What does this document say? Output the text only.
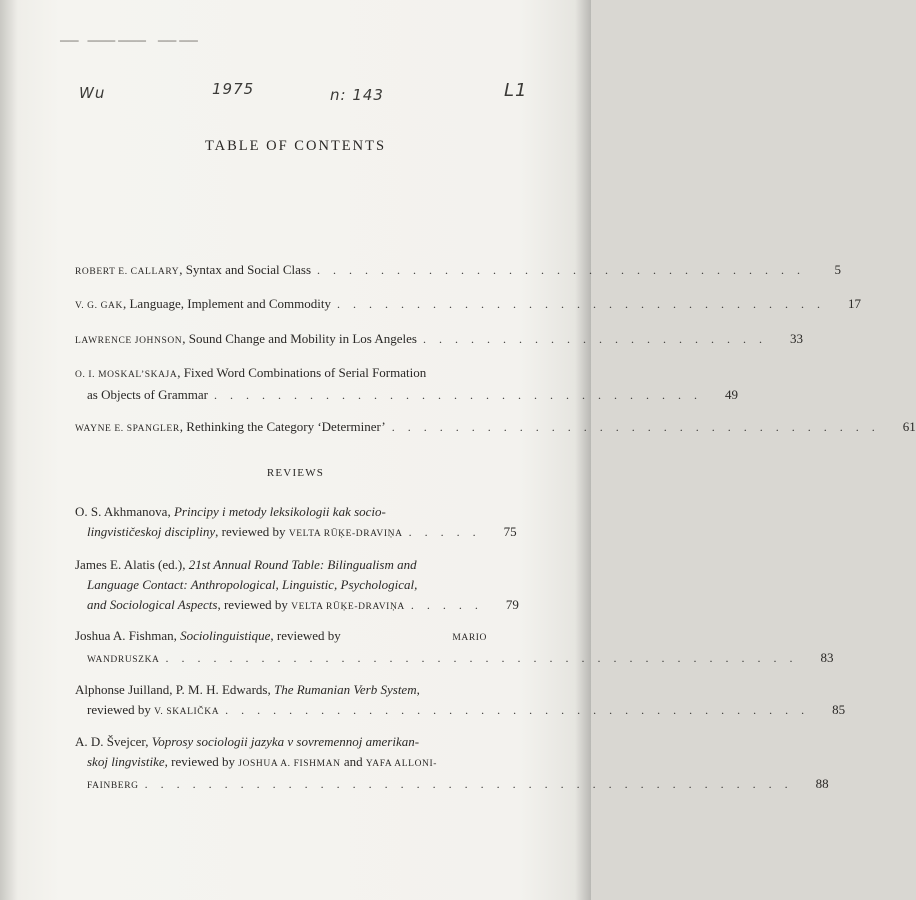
▁▁   ▁▁▁ ▁▁▁    ▁▁ ▁▁
Wu	1975	n: 143	L1
TABLE OF CONTENTS
ROBERT E. CALLARY, Syntax and Social Class . . . . . . . . . . . . . . . . . . . . . . . . . . . . . . .	5
V. G. GAK, Language, Implement and Commodity . . . . . . . . . . . . . . . . . . . . . . . . . . . . . . .	17
LAWRENCE JOHNSON, Sound Change and Mobility in Los Angeles . . . . . . . . . . . . . . . . . . . . . .	33
O. I. MOSKAL’SKAJA, Fixed Word Combinations of Serial Formation
as Objects of Grammar . . . . . . . . . . . . . . . . . . . . . . . . . . . . . . .	49
WAYNE E. SPANGLER, Rethinking the Category ‘Determiner’ . . . . . . . . . . . . . . . . . . . . . . . . . . . . . . .	61
REVIEWS
O. S. Akhmanova, Principy i metody leksikologii kak socio-
lingvističeskoj discipliny, reviewed by VELTA RŪĶE-DRAVIŅA . . . . .	75
James E. Alatis (ed.), 21st Annual Round Table: Bilingualism and
Language Contact: Anthropological, Linguistic, Psychological,
and Sociological Aspects, reviewed by VELTA RŪĶE-DRAVIŅA . . . . .	79
Joshua A. Fishman, Sociolinguistique, reviewed by	MARIO
WANDRUSZKA . . . . . . . . . . . . . . . . . . . . . . . . . . . . . . . . . . . . . . . .	83
Alphonse Juilland, P. M. H. Edwards, The Rumanian Verb System,
reviewed by V. SKALIČKA . . . . . . . . . . . . . . . . . . . . . . . . . . . . . . . . . . . . .	85
A. D. Švejcer, Voprosy sociologii jazyka v sovremennoj amerikan-
skoj lingvistike, reviewed by JOSHUA A. FISHMAN and YAFA ALLONI-
FAINBERG . . . . . . . . . . . . . . . . . . . . . . . . . . . . . . . . . . . . . . . . .	88
